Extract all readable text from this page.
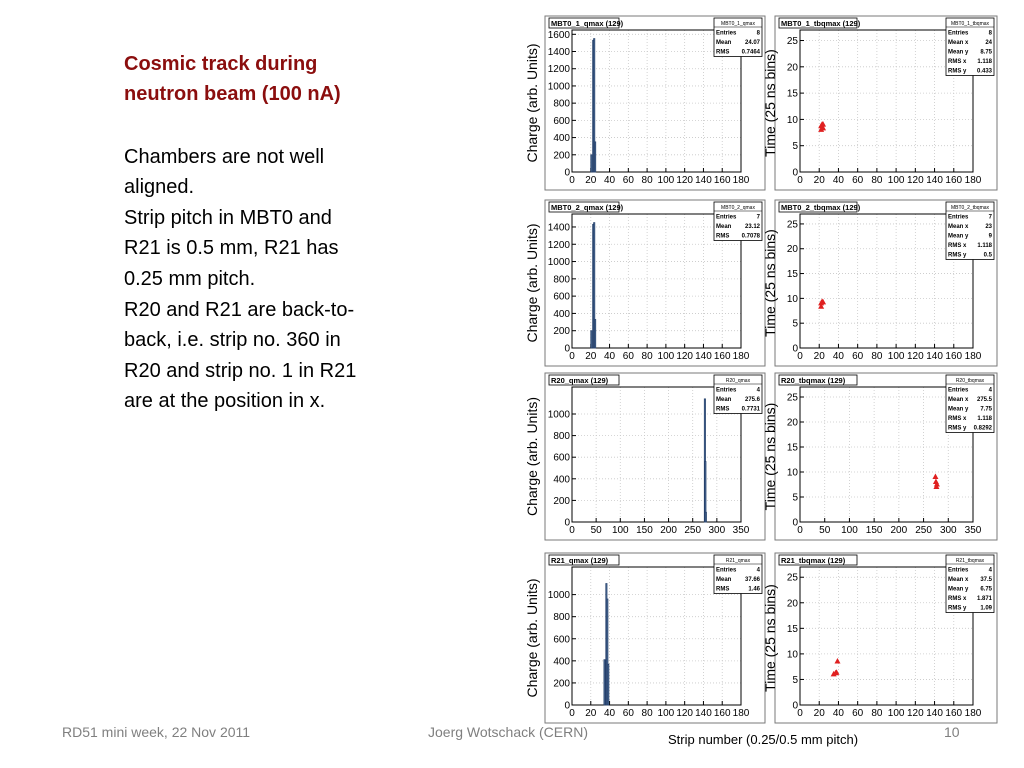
Cosmic track during
neutron beam (100 nA)
Chambers are not well
aligned.
Strip pitch in MBT0 and
R21 is 0.5 mm, R21 has
0.25 mm pitch.
R20 and R21 are back-to-
back, i.e. strip no. 360 in
R20 and strip no. 1 in R21
are at the position in x.
0 20 40 60 80 100 120 140 160 180
0
200
400
600
800
1000
1200
1400
1600
MBT0_1_qmax (129)	MBT0_1_qmax
Entries	8
Mean 24.07
RMS 0.7464
Charge (arb. Units)
0 20 40 60 80 100 120 140 160 180
0
5
10
15
20
25
MBT0_1_tbqmax (129)	MBT0_1_tbqmax
Entries	8
Mean x	24
Mean y 8.75
RMS x 1.118
RMS y 0.433
Time (25 ns bins)
0 20 40 60 80 100 120 140 160 180
0
200
400
600
800
1000
1200
1400
MBT0_2_qmax (129)	MBT0_2_qmax
Entries	7
Mean 23.12
RMS 0.7078
Charge (arb. Units)
0 20 40 60 80 100 120 140 160 180
0
5
10
15
20
25
MBT0_2_tbqmax (129)	MBT0_2_tbqmax
Entries	7
Mean x	23
Mean y	9
RMS x 1.118
RMS y	0.5
Time (25 ns bins)
0 50 100 150 200 250 300 350
0
200
400
600
800
1000
R20_qmax (129)	R20_qmax
Entries	4
Mean 275.6
RMS 0.7731
Charge (arb. Units)
0 50 100 150 200 250 300 350
0
5
10
15
20
25
R20_tbqmax (129)	R20_tbqmax
Entries	4
Mean x 275.5
Mean y 7.75
RMS x 1.118
RMS y 0.8292
Time (25 ns bins)
0 20 40 60 80 100 120 140 160 180
0
200
400
600
800
1000
R21_qmax (129)	R21_qmax
Entries	4
Mean 37.66
RMS	1.46
Charge (arb. Units)
0 20 40 60 80 100 120 140 160 180
0
5
10
15
20
25
R21_tbqmax (129)	R21_tbqmax
Entries	4
Mean x 37.5
Mean y 6.75
RMS x 1.871
RMS y 1.09
Time (25 ns bins)
RD51 mini week, 22 Nov 2011	Joerg Wotschack (CERN)	10
Strip number (0.25/0.5 mm pitch)
